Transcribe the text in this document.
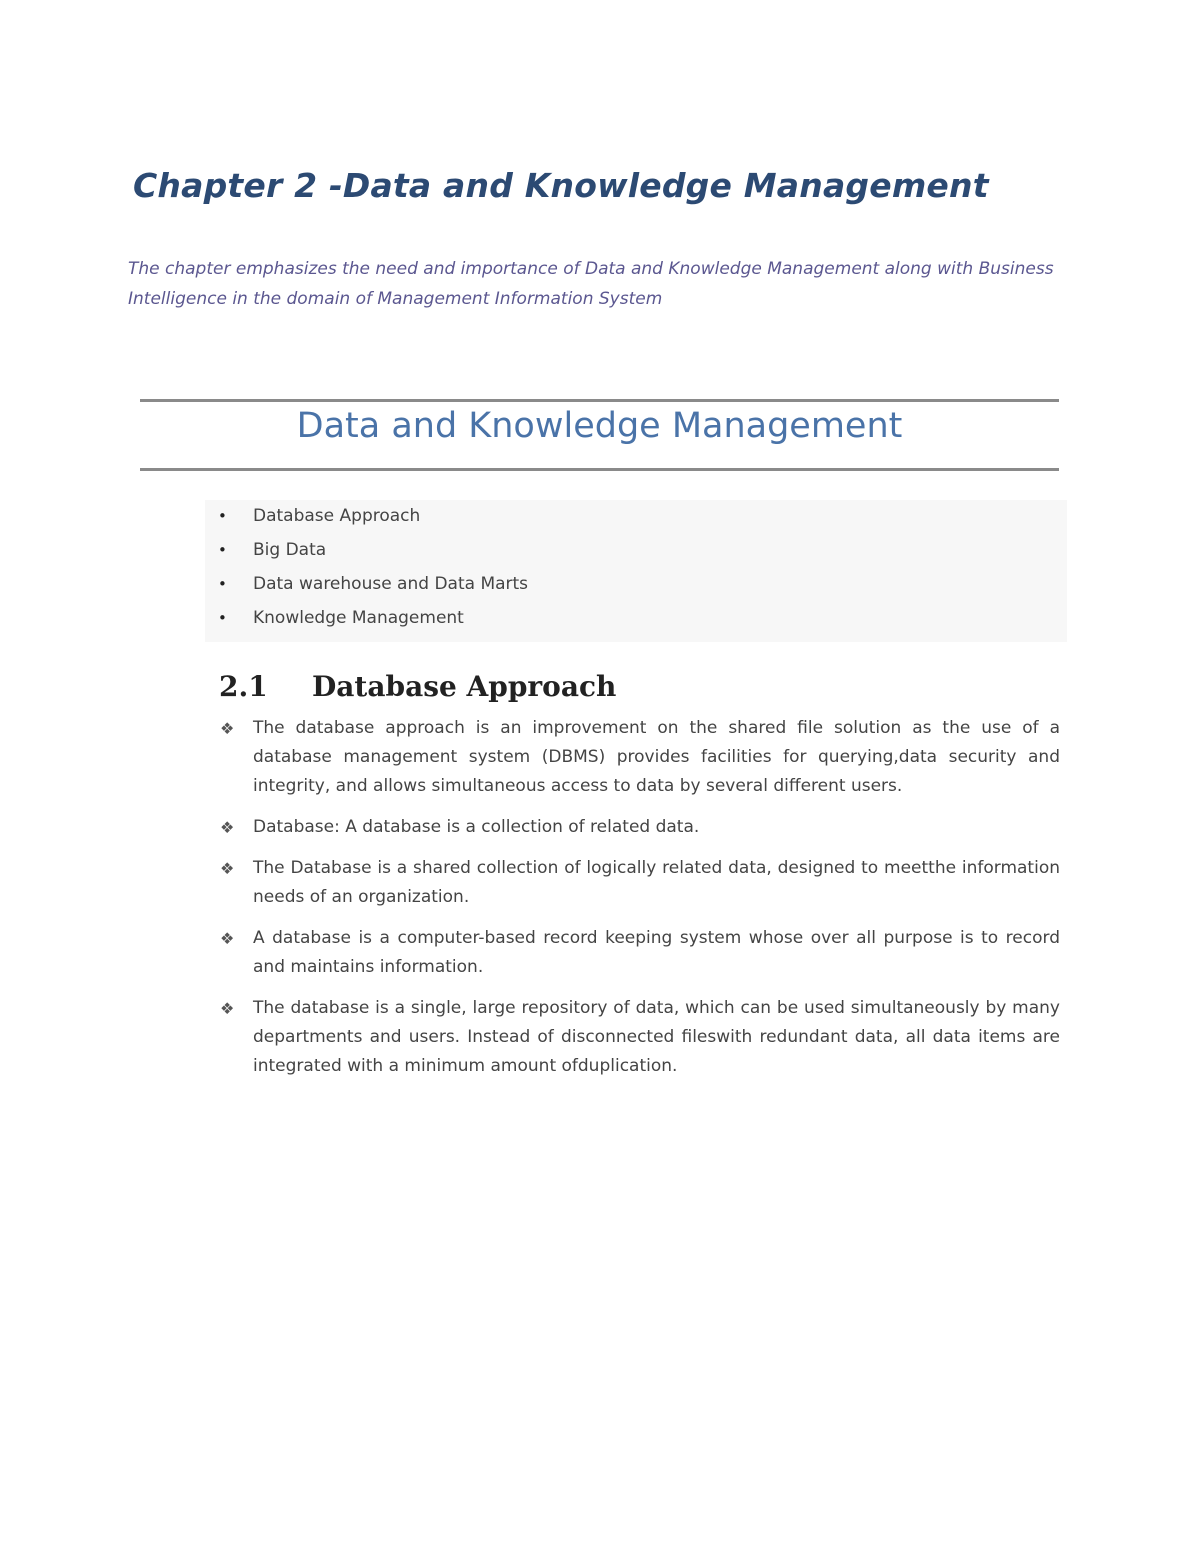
Chapter 2 -Data and Knowledge Management

The chapter emphasizes the need and importance of Data and Knowledge Management along with Business Intelligence in the domain of Management Information System

Data and Knowledge Management
• Database Approach
• Big Data
• Data warehouse and Data Marts
• Knowledge Management
2.1 Database Approach
❖ The database approach is an improvement on the shared file solution as the use of a database management system (DBMS) provides facilities for querying,data security and integrity, and allows simultaneous access to data by several different users.
❖ Database: A database is a collection of related data.
❖ The Database is a shared collection of logically related data, designed to meetthe information needs of an organization.
❖ A database is a computer-based record keeping system whose over all purpose is to record and maintains information.
❖ The database is a single, large repository of data, which can be used simultaneously by many departments and users. Instead of disconnected fileswith redundant data, all data items are integrated with a minimum amount ofduplication.
